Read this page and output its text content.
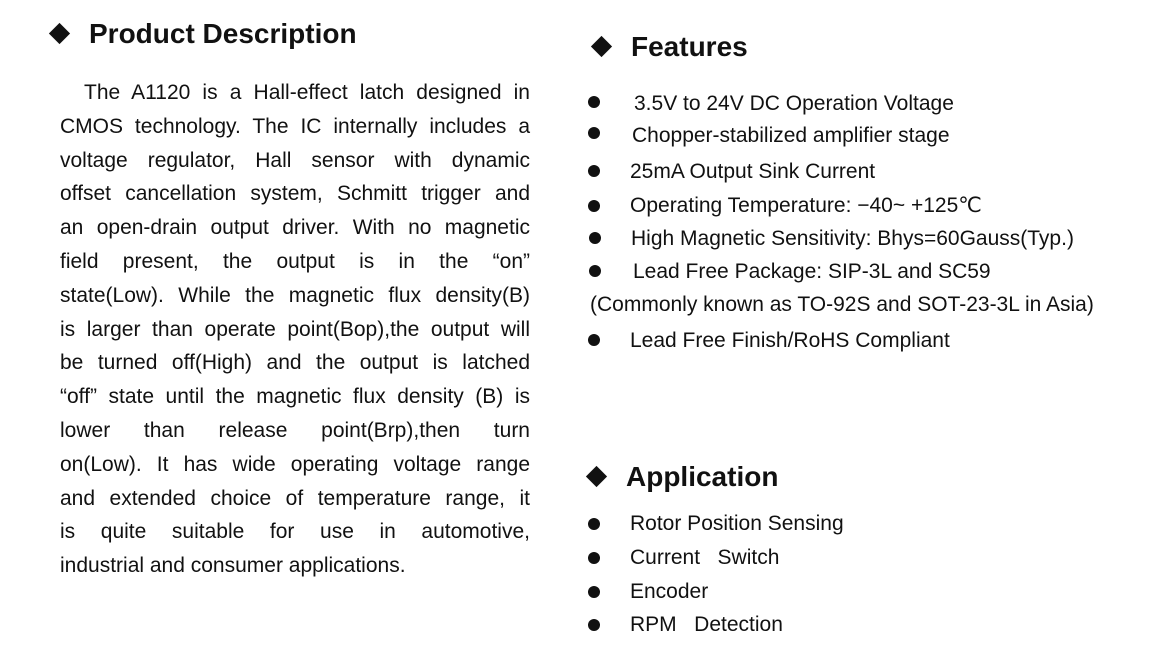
Product Description
The A1120 is a Hall-effect latch designed in
CMOS technology. The IC internally includes a
voltage regulator, Hall sensor with dynamic
offset cancellation system, Schmitt trigger and
an open-drain output driver. With no magnetic
field present, the output is in the “on”
state(Low). While the magnetic flux density(B)
is larger than operate point(Bop),the output will
be turned off(High) and the output is latched
“off” state until the magnetic flux density (B) is
lower than release point(Brp),then turn
on(Low). It has wide operating voltage range
and extended choice of temperature range, it
is quite suitable for use in automotive,
industrial and consumer applications.
Features
3.5V to 24V DC Operation Voltage
Chopper-stabilized amplifier stage
25mA Output Sink Current
Operating Temperature: −40~ +125℃
High Magnetic Sensitivity: Bhys=60Gauss(Typ.)
Lead Free Package: SIP-3L and SC59
(Commonly known as TO-92S and SOT-23-3L in Asia)
Lead Free Finish/RoHS Compliant
Application
Rotor Position Sensing
Current   Switch
Encoder
RPM   Detection
